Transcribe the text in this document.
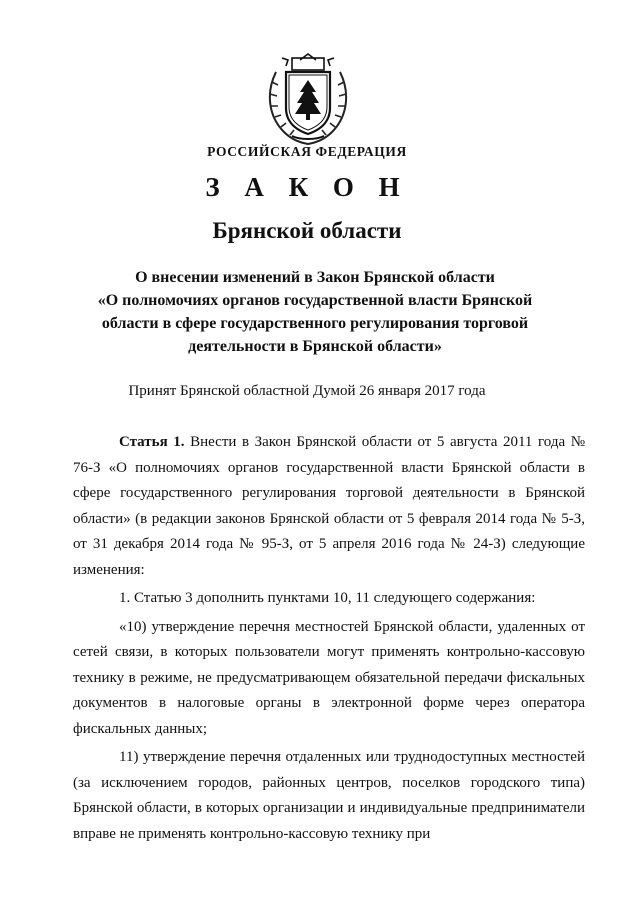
РОССИЙСКАЯ ФЕДЕРАЦИЯ
З А К О Н
Брянской области
О внесении изменений в Закон Брянской области
«О полномочиях органов государственной власти Брянской
области в сфере государственного регулирования торговой
деятельности в Брянской области»
Принят Брянской областной Думой 26 января 2017 года

Статья 1. Внести в Закон Брянской области от 5 августа 2011 года № 76-З «О полномочиях органов государственной власти Брянской области в сфере государственного регулирования торговой деятельности в Брянской области» (в редакции законов Брянской области от 5 февраля 2014 года № 5-З, от 31 декабря 2014 года № 95-З, от 5 апреля 2016 года № 24-З) следующие изменения:

1. Статью 3 дополнить пунктами 10, 11 следующего содержания:

«10) утверждение перечня местностей Брянской области, удаленных от сетей связи, в которых пользователи могут применять контрольно-кассовую технику в режиме, не предусматривающем обязательной передачи фискальных документов в налоговые органы в электронной форме через оператора фискальных данных;

11) утверждение перечня отдаленных или труднодоступных местностей (за исключением городов, районных центров, поселков городского типа) Брянской области, в которых организации и индивидуальные предприниматели вправе не применять контрольно-кассовую технику при
